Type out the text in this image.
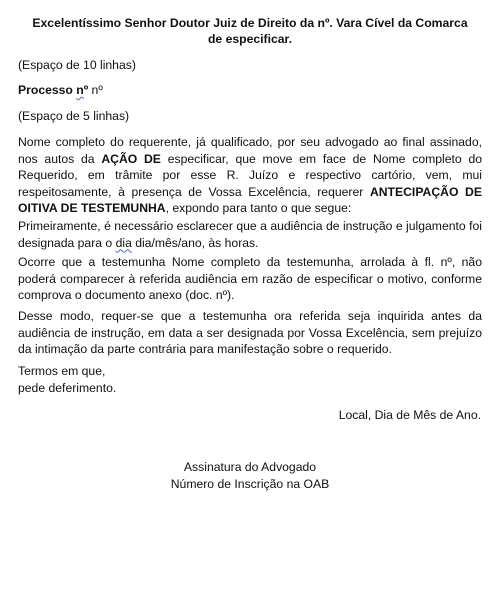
Excelentíssimo Senhor Doutor Juiz de Direito da nº. Vara Cível da Comarca
de especificar.
(Espaço de 10 linhas)
Processo nº nº
(Espaço de 5 linhas)
Nome completo do requerente, já qualificado, por seu advogado ao final assinado, nos autos da AÇÃO DE especificar, que move em face de Nome completo do Requerido, em trâmite por esse R. Juízo e respectivo cartório, vem, mui respeitosamente, à presença de Vossa Excelência, requerer ANTECIPAÇÃO DE OITIVA DE TESTEMUNHA, expondo para tanto o que segue:
Primeiramente, é necessário esclarecer que a audiência de instrução e julgamento foi designada para o dia dia/mês/ano, às horas.
Ocorre que a testemunha Nome completo da testemunha, arrolada à fl. nº, não poderá comparecer à referida audiência em razão de especificar o motivo, conforme comprova o documento anexo (doc. nº).
Desse modo, requer-se que a testemunha ora referida seja inquirida antes da audiência de instrução, em data a ser designada por Vossa Excelência, sem prejuízo da intimação da parte contrária para manifestação sobre o requerido.
Termos em que,
pede deferimento.
Local, Dia de Mês de Ano.
Assinatura do Advogado
Número de Inscrição na OAB
